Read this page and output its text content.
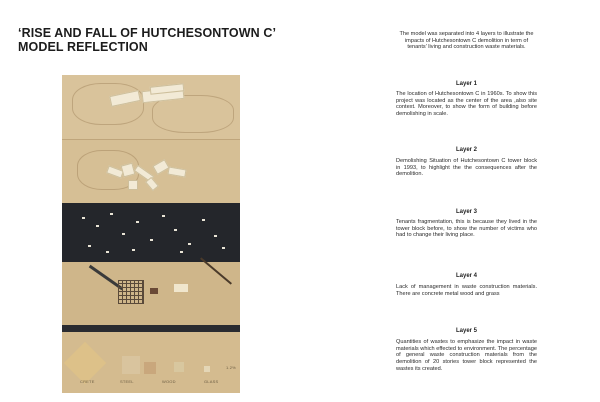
‘RISE AND FALL OF HUTCHESONTOWN C’
MODEL REFLECTION
CRETE	STEEL	WOOD	GLASS
1.2%
The model was separated into 4 layers to illustrate the impacts of Hutchesontown C demolition in term of tenants’ living and construction waste materials.
Layer 1
The location of Hutchesontown C in 1960s. To show this project was located as the center of the area ,also site context. Moreover, to show the form of building before demolishing in scale.
Layer 2
Demolishing Situation of Hutchesontown C tower block in 1993, to highlight the the consequences after the demolition.
Layer 3
Tenants fragmentation, this is because they lived in the tower block before, to show the number of victims who had to change their living place.
Layer 4
Lack of management in waste construction materials. There are concrete metal wood and grass
Layer 5
Quantities of wastes to emphasize the impact in waste materials which effected to environment. The percentage of general waste construction materials from the demolition of 20 stories tower block represented the wastes its created.
